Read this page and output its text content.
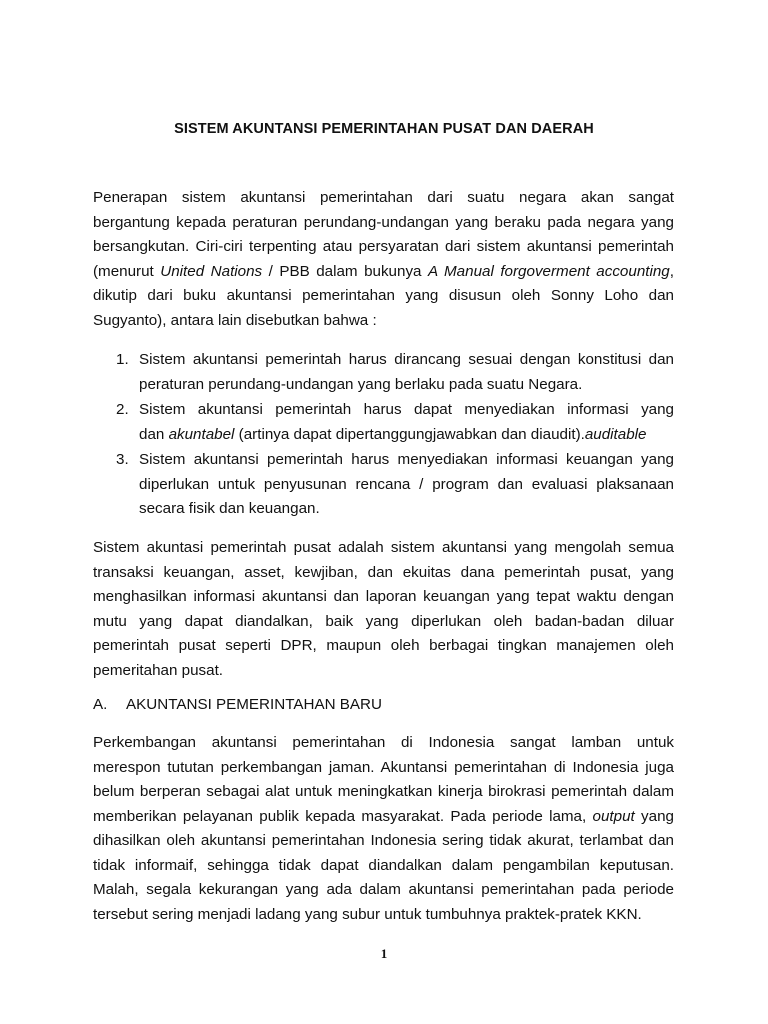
SISTEM AKUNTANSI PEMERINTAHAN PUSAT DAN DAERAH
Penerapan sistem akuntansi pemerintahan dari suatu negara akan sangat
bergantung kepada peraturan perundang-undangan yang beraku pada negara yang
bersangkutan. Ciri-ciri terpenting atau persyaratan dari sistem akuntansi pemerintah
(menurut United Nations / PBB dalam bukunya A Manual forgoverment accounting,
dikutip dari buku akuntansi pemerintahan yang disusun oleh Sonny Loho dan
Sugyanto), antara lain disebutkan bahwa :
1. Sistem akuntansi pemerintah harus dirancang sesuai dengan konstitusi dan
peraturan perundang-undangan yang berlaku pada suatu Negara.
2. Sistem akuntansi pemerintah harus dapat menyediakan informasi yang
dan akuntabel (artinya dapat dipertanggungjawabkan dan diaudit).auditable
3. Sistem akuntansi pemerintah harus menyediakan informasi keuangan yang
diperlukan untuk penyusunan rencana / program dan evaluasi plaksanaan
secara fisik dan keuangan.
Sistem akuntasi pemerintah pusat adalah sistem akuntansi yang mengolah semua
transaksi keuangan, asset, kewjiban, dan ekuitas dana pemerintah pusat, yang
menghasilkan informasi akuntansi dan laporan keuangan yang tepat waktu dengan
mutu yang dapat diandalkan, baik yang diperlukan oleh badan-badan diluar
pemerintah pusat seperti DPR, maupun oleh berbagai tingkan manajemen oleh
pemeritahan pusat.
A. AKUNTANSI PEMERINTAHAN BARU
Perkembangan akuntansi pemerintahan di Indonesia sangat lamban untuk
merespon tututan perkembangan jaman. Akuntansi pemerintahan di Indonesia juga
belum berperan sebagai alat untuk meningkatkan kinerja birokrasi pemerintah dalam
memberikan pelayanan publik kepada masyarakat. Pada periode lama, output yang
dihasilkan oleh akuntansi pemerintahan Indonesia sering tidak akurat, terlambat dan
tidak informaif, sehingga tidak dapat diandalkan dalam pengambilan keputusan.
Malah, segala kekurangan yang ada dalam akuntansi pemerintahan pada periode
tersebut sering menjadi ladang yang subur untuk tumbuhnya praktek-pratek KKN.
1
